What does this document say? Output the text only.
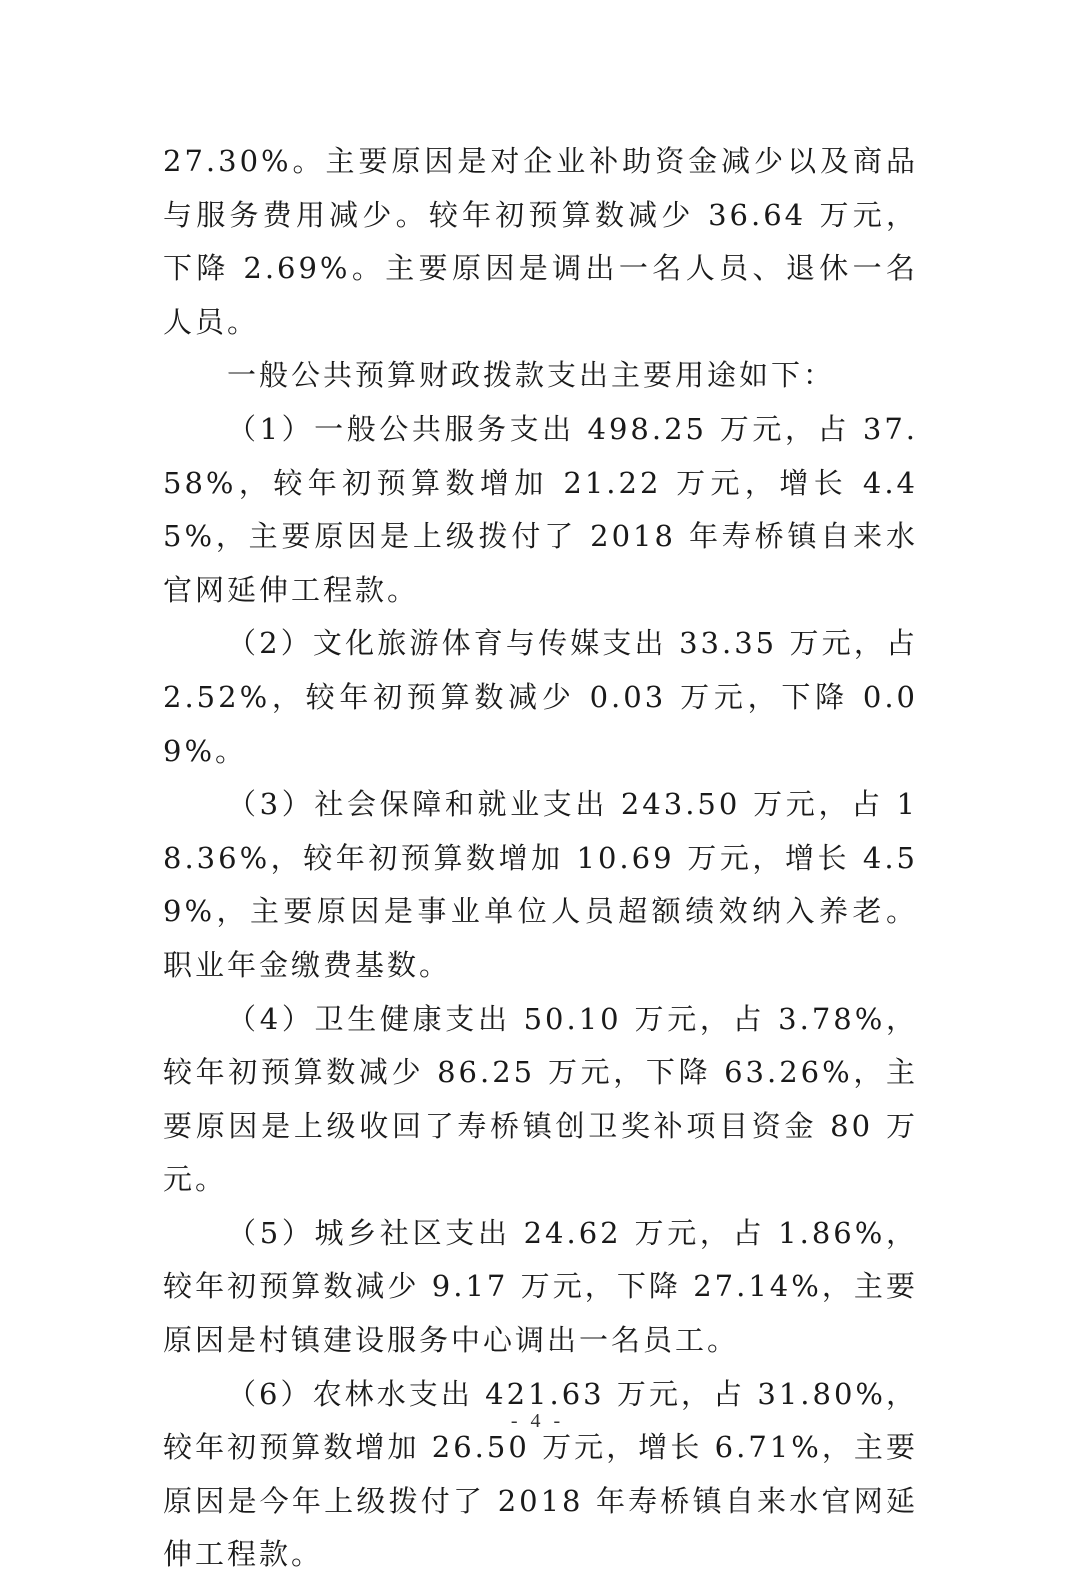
27.30%。主要原因是对企业补助资金减少以及商品与服务费用减少。较年初预算数减少 36.64 万元，下降 2.69%。主要原因是调出一名人员、退休一名人员。

一般公共预算财政拨款支出主要用途如下：

（1）一般公共服务支出 498.25 万元，占 37.58%，较年初预算数增加 21.22 万元，增长 4.45%，主要原因是上级拨付了 2018 年寿桥镇自来水官网延伸工程款。

（2）文化旅游体育与传媒支出 33.35 万元，占 2.52%，较年初预算数减少 0.03 万元，下降 0.09%。

（3）社会保障和就业支出 243.50 万元，占 18.36%，较年初预算数增加 10.69 万元，增长 4.59%，主要原因是事业单位人员超额绩效纳入养老。职业年金缴费基数。

（4）卫生健康支出 50.10 万元，占 3.78%，较年初预算数减少 86.25 万元，下降 63.26%，主要原因是上级收回了寿桥镇创卫奖补项目资金 80 万元。

（5）城乡社区支出 24.62 万元，占 1.86%，较年初预算数减少 9.17 万元，下降 27.14%，主要原因是村镇建设服务中心调出一名员工。

（6）农林水支出 421.63 万元，占 31.80%，较年初预算数增加 26.50 万元，增长 6.71%，主要原因是今年上级拨付了 2018 年寿桥镇自来水官网延伸工程款。

- 4 -
